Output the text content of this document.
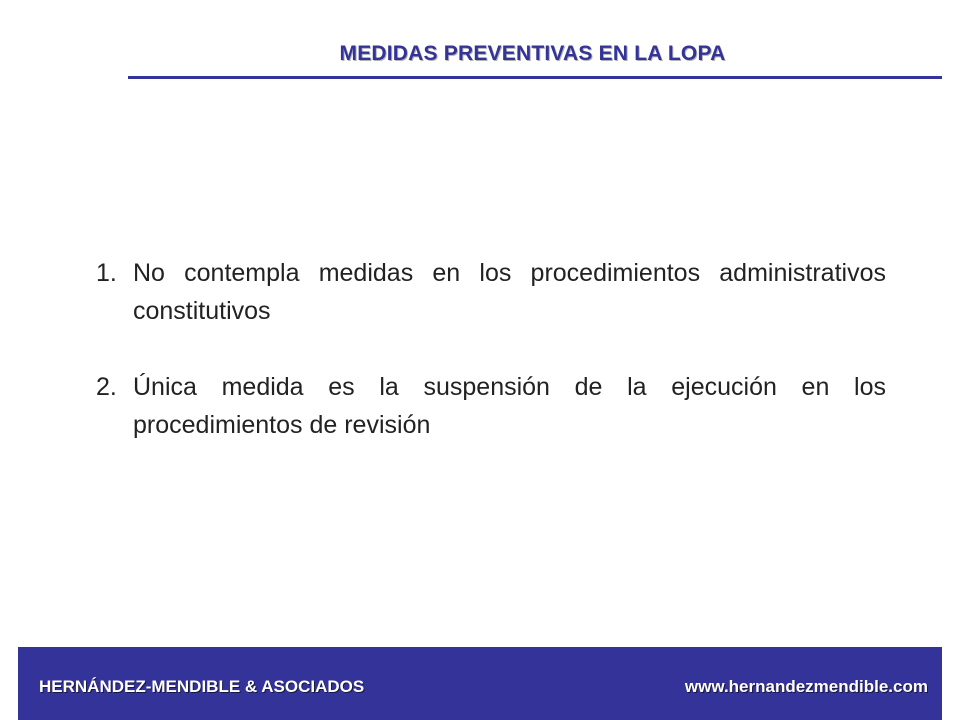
MEDIDAS PREVENTIVAS EN LA LOPA
1. No contempla medidas en los procedimientos administrativos constitutivos
2. Única medida es la suspensión de la ejecución en los procedimientos de revisión
HERNÁNDEZ-MENDIBLE & ASOCIADOS	www.hernandezmendible.com
